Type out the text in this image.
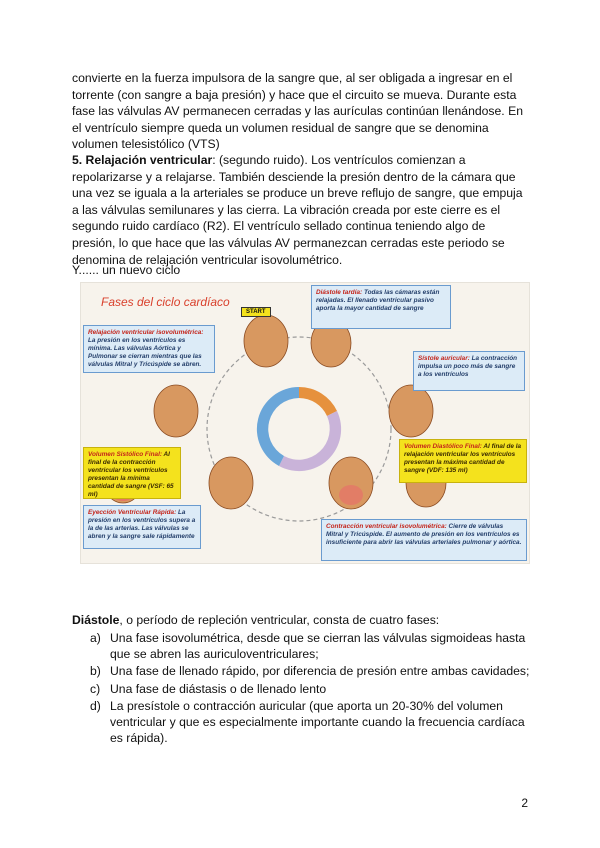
convierte en la fuerza impulsora de la sangre que, al ser obligada a ingresar en el torrente (con sangre a baja presión) y hace que el circuito se mueva. Durante esta fase las válvulas AV permanecen cerradas y las aurículas continúan llenándose. En el ventrículo siempre queda un volumen residual de sangre que se denomina volumen telesistólico (VTS)

5. Relajación ventricular: (segundo ruido). Los ventrículos comienzan a repolarizarse y a relajarse. También desciende la presión dentro de la cámara que una vez se iguala a la arteriales se produce un breve reflujo de sangre, que empuja a las válvulas semilunares y las cierra. La vibración creada por este cierre es el segundo ruido cardíaco (R2). El ventrículo sellado continua teniendo algo de presión, lo que hace que las válvulas AV permanezcan cerradas este periodo se denomina de relajación ventricular isovolumétrico.

Y...... un nuevo ciclo

Fases del ciclo cardíaco
START
Diástole tardía: Todas las cámaras están relajadas. El llenado ventricular pasivo aporta la mayor cantidad de sangre
Sístole auricular: La contracción impulsa un poco más de sangre a los ventrículos
Volumen Diastólico Final: Al final de la relajación ventricular los ventrículos presentan la máxima cantidad de sangre (VDF: 135 ml)
Contracción ventricular isovolumétrica: Cierre de válvulas Mitral y Tricúspide. El aumento de presión en los ventrículos es insuficiente para abrir las válvulas arteriales pulmonar y aórtica.
Eyección Ventricular Rápida: La presión en los ventrículos supera a la de las arterias. Las válvulas se abren y la sangre sale rápidamente
Volumen Sistólico Final: Al final de la contracción ventricular los ventrículos presentan la mínima cantidad de sangre (VSF: 65 ml)
Relajación ventricular isovolumétrica: La presión en los ventrículos es mínima. Las válvulas Aórtica y Pulmonar se cierran mientras que las válvulas Mitral y Tricúspide se abren.

Diástole, o período de repleción ventricular, consta de cuatro fases:

a) Una fase isovolumétrica, desde que se cierran las válvulas sigmoideas hasta que se abren las auriculoventriculares;
b) Una fase de llenado rápido, por diferencia de presión entre ambas cavidades;
c) Una fase de diástasis o de llenado lento
d) La presístole o contracción auricular (que aporta un 20-30% del volumen ventricular y que es especialmente importante cuando la frecuencia cardíaca es rápida).
2
